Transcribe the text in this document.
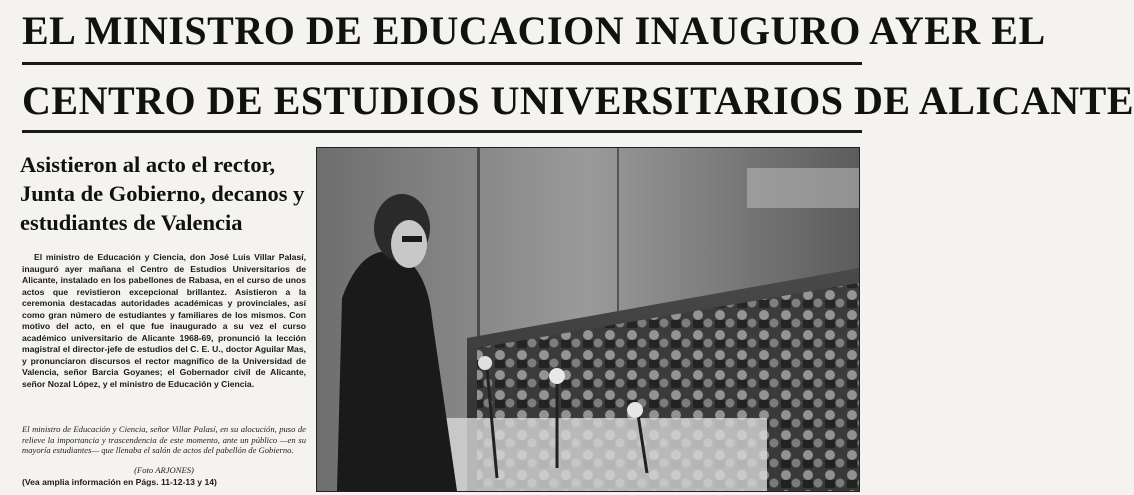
EL MINISTRO DE EDUCACION INAUGURO AYER EL
CENTRO DE ESTUDIOS UNIVERSITARIOS DE ALICANTE
Asistieron al acto el rector, Junta de Gobierno, decanos y estudiantes de Valencia
El ministro de Educación y Ciencia, don José Luis Villar Palasí, inauguró ayer mañana el Centro de Estudios Universitarios de Alicante, instalado en los pabellones de Rabasa, en el curso de unos actos que revistieron excepcional brillantez. Asistieron a la ceremonia destacadas autoridades académicas y provinciales, así como gran número de estudiantes y familiares de los mismos. Con motivo del acto, en el que fue inaugurado a su vez el curso académico universitario de Alicante 1968-69, pronunció la lección magistral el director-jefe de estudios del C. E. U., doctor Aguilar Mas, y pronunciaron discursos el rector magnífico de la Universidad de Valencia, señor Barcia Goyanes; el Gobernador civil de Alicante, señor Nozal López, y el ministro de Educación y Ciencia.
El ministro de Educación y Ciencia, señor Villar Palasí, en su alocución, puso de relieve la importancia y trascendencia de este momento, ante un público —en su mayoría estudiantes— que llenaba el salón de actos del pabellón de Gobierno.
(Foto ARJONES)
(Vea amplia información en Págs. 11-12-13 y 14)
